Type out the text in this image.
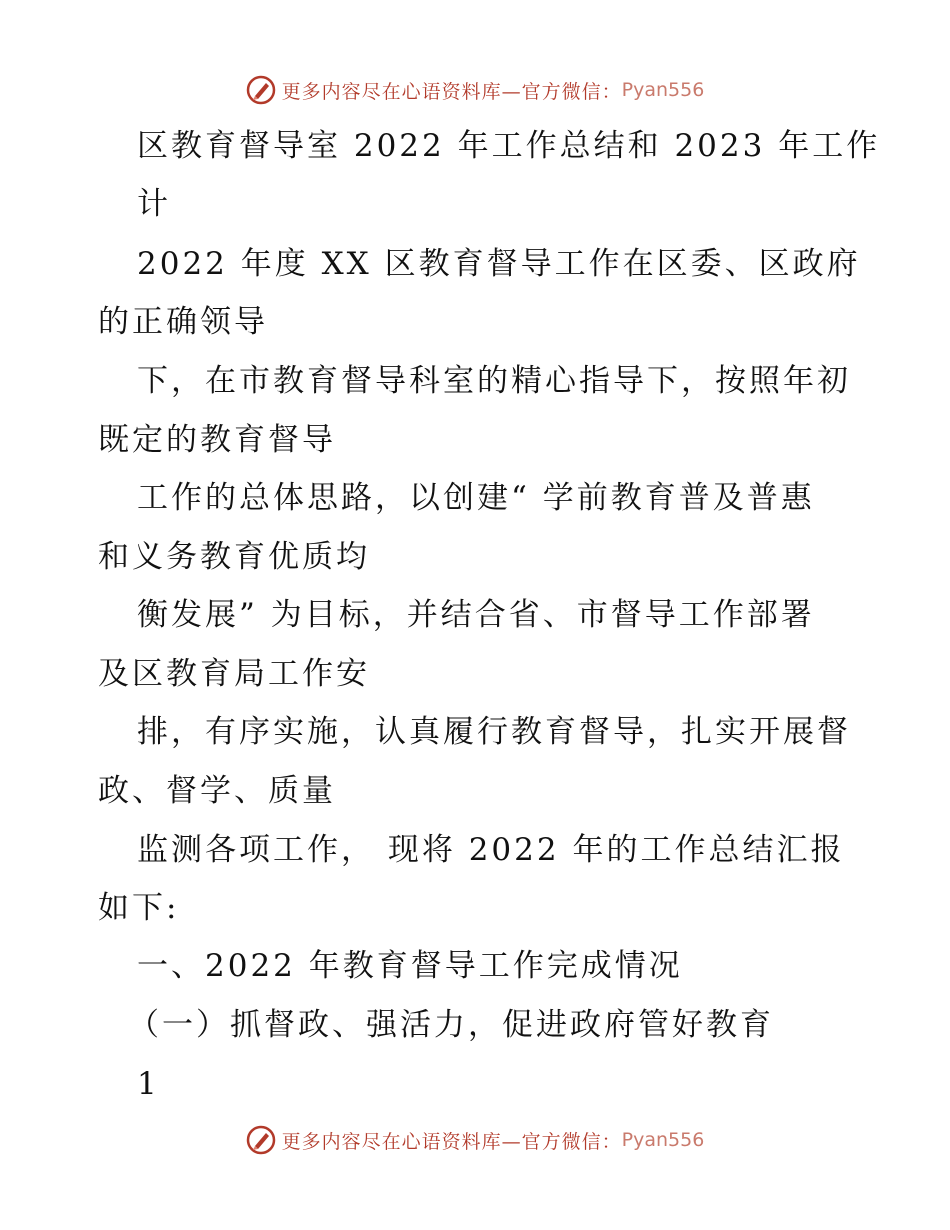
更多内容尽在心语资料库—官方微信： Pyan556
区教育督导室 2022 年工作总结和 2023 年工作
计
2022 年度 XX 区教育督导工作在区委、区政府
的正确领导
下，在市教育督导科室的精心指导下，按照年初
既定的教育督导
工作的总体思路，以创建“ 学前教育普及普惠
和义务教育优质均
衡发展” 为目标，并结合省、市督导工作部署
及区教育局工作安
排，有序实施，认真履行教育督导，扎实开展督
政、督学、质量
监测各项工作， 现将 2022 年的工作总结汇报
如下:
一、2022 年教育督导工作完成情况
（一）抓督政、强活力，促进政府管好教育
1
更多内容尽在心语资料库—官方微信： Pyan556
